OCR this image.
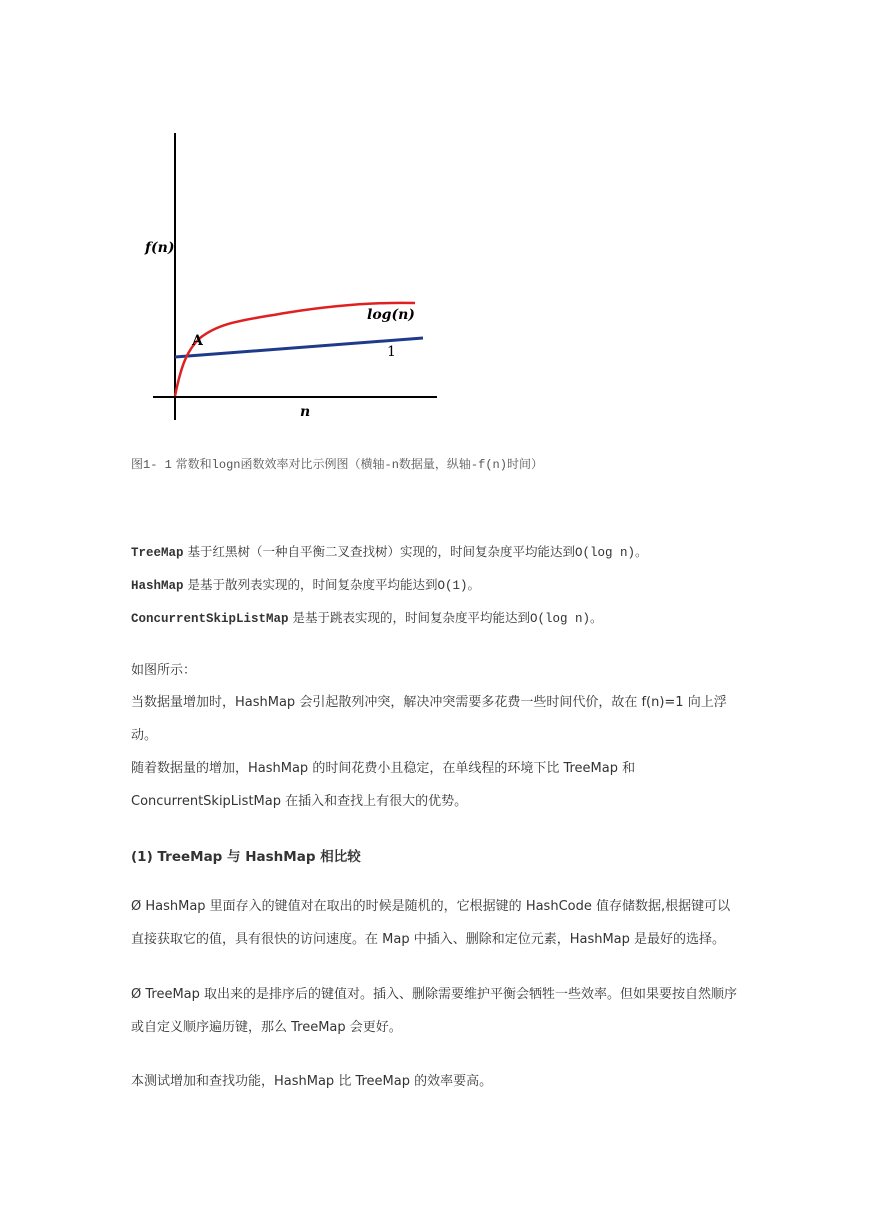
f(n)
n
A
log(n)
1
图1- 1 常数和logn函数效率对比示例图（横轴-n数据量，纵轴-f(n)时间）
TreeMap 基于红黑树（一种自平衡二叉查找树）实现的，时间复杂度平均能达到O(log n)。
HashMap 是基于散列表实现的，时间复杂度平均能达到O(1)。
ConcurrentSkipListMap 是基于跳表实现的，时间复杂度平均能达到O(log n)。
如图所示：
当数据量增加时，HashMap 会引起散列冲突，解决冲突需要多花费一些时间代价，故在 f(n)=1 向上浮动。
随着数据量的增加，HashMap 的时间花费小且稳定，在单线程的环境下比 TreeMap 和 ConcurrentSkipListMap 在插入和查找上有很大的优势。
(1) TreeMap 与 HashMap 相比较
Ø HashMap 里面存入的键值对在取出的时候是随机的，它根据键的 HashCode 值存储数据,根据键可以直接获取它的值，具有很快的访问速度。在 Map 中插入、删除和定位元素，HashMap 是最好的选择。
Ø TreeMap 取出来的是排序后的键值对。插入、删除需要维护平衡会牺牲一些效率。但如果要按自然顺序或自定义顺序遍历键，那么 TreeMap 会更好。
本测试增加和查找功能，HashMap 比 TreeMap 的效率要高。
